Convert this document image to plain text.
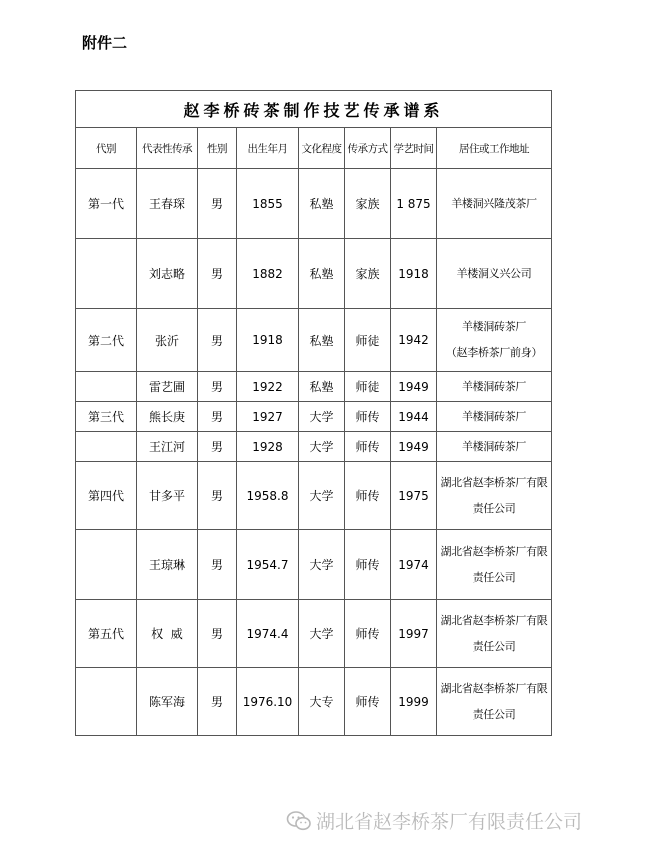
附件二
赵李桥砖茶制作技艺传承谱系							
代别	代表性传承	性别	出生年月	文化程度	传承方式	学艺时间	居住或工作地址
第一代	王春琛	男	1855	私塾	家族	1 875	羊楼洞兴隆茂茶厂

	刘志略	男	1882	私塾	家族	1918	羊楼洞义兴公司

第二代	张沂	男	1918	私塾	师徒	1942	羊楼洞砖茶厂
（赵李桥茶厂前身）

	雷艺圃	男	1922	私塾	师徒	1949	羊楼洞砖茶厂

第三代	熊长庚	男	1927	大学	师传	1944	羊楼洞砖茶厂

	王江河	男	1928	大学	师传	1949	羊楼洞砖茶厂

第四代	甘多平	男	1958.8	大学	师传	1975	湖北省赵李桥茶厂有限
责任公司

	王琼琳	男	1954.7	大学	师传	1974	湖北省赵李桥茶厂有限
责任公司

第五代	权  威	男	1974.4	大学	师传	1997	湖北省赵李桥茶厂有限
责任公司

	陈军海	男	1976.10	大专	师传	1999	湖北省赵李桥茶厂有限
责任公司
湖北省赵李桥茶厂有限责任公司
